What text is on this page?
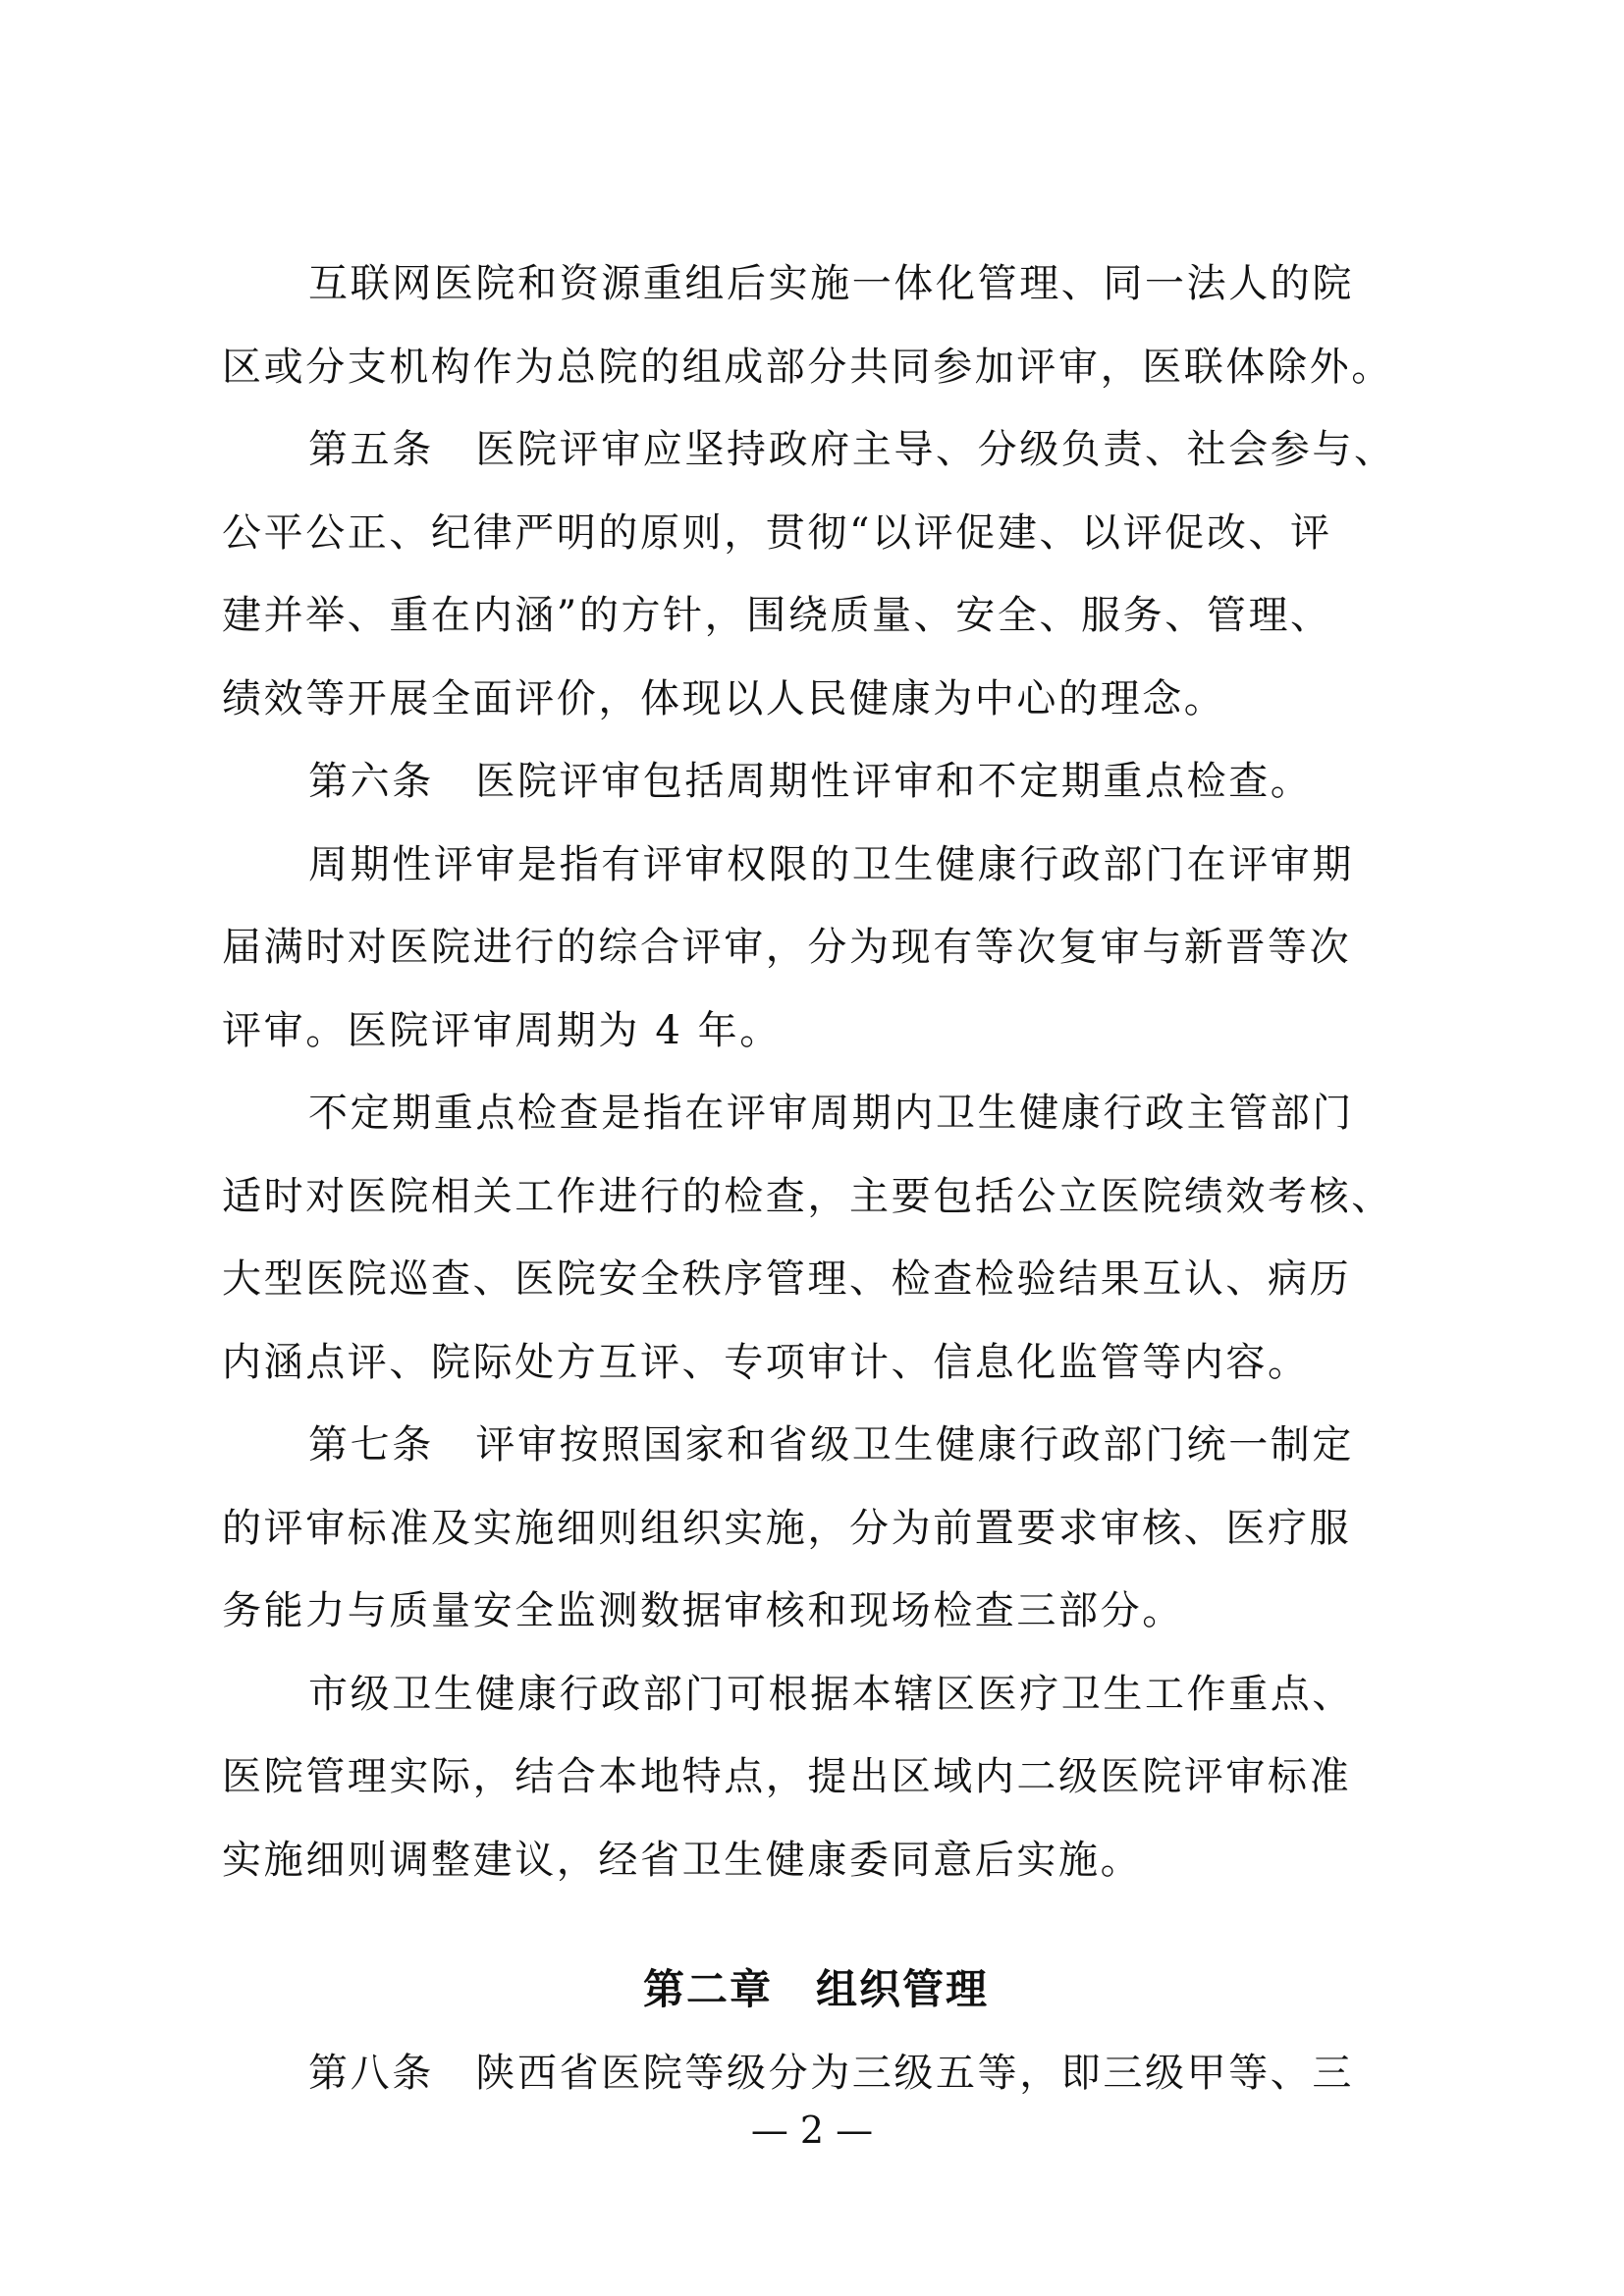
互联网医院和资源重组后实施一体化管理、同一法人的院
区或分支机构作为总院的组成部分共同参加评审，医联体除外。
第五条　医院评审应坚持政府主导、分级负责、社会参与、
公平公正、纪律严明的原则，贯彻“以评促建、以评促改、评
建并举、重在内涵”的方针，围绕质量、安全、服务、管理、
绩效等开展全面评价，体现以人民健康为中心的理念。
第六条　医院评审包括周期性评审和不定期重点检查。
周期性评审是指有评审权限的卫生健康行政部门在评审期
届满时对医院进行的综合评审，分为现有等次复审与新晋等次
评审。医院评审周期为 4 年。
不定期重点检查是指在评审周期内卫生健康行政主管部门
适时对医院相关工作进行的检查，主要包括公立医院绩效考核、
大型医院巡查、医院安全秩序管理、检查检验结果互认、病历
内涵点评、院际处方互评、专项审计、信息化监管等内容。
第七条　评审按照国家和省级卫生健康行政部门统一制定
的评审标准及实施细则组织实施，分为前置要求审核、医疗服
务能力与质量安全监测数据审核和现场检查三部分。
市级卫生健康行政部门可根据本辖区医疗卫生工作重点、
医院管理实际，结合本地特点，提出区域内二级医院评审标准
实施细则调整建议，经省卫生健康委同意后实施。
第二章　组织管理
第八条　陕西省医院等级分为三级五等，即三级甲等、三
— 2 —
